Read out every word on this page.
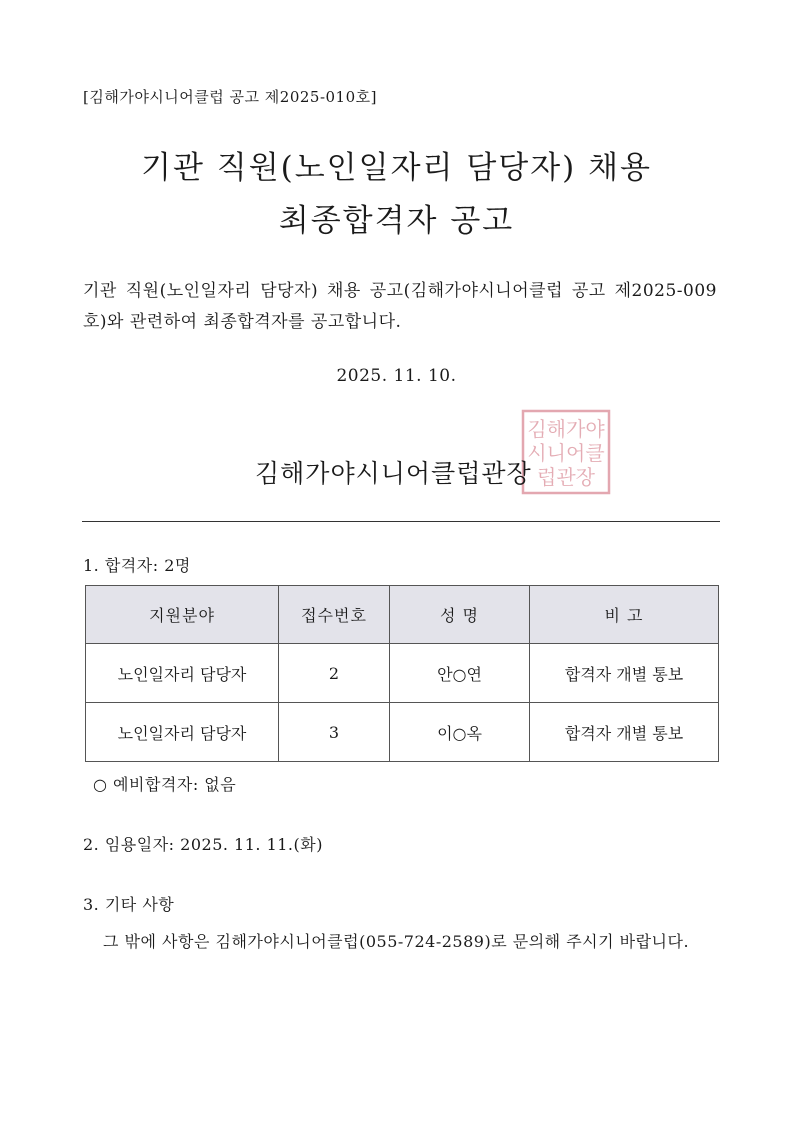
[김해가야시니어클럽 공고 제2025-010호]
기관 직원(노인일자리 담당자) 채용
최종합격자 공고
기관 직원(노인일자리 담당자) 채용 공고(김해가야시니어클럽 공고 제2025-009호)와 관련하여 최종합격자를 공고합니다.
2025. 11. 10.
김해가야
시니어클
럽관장
김해가야시니어클럽관장
1. 합격자: 2명
지원분야	접수번호	성 명	비 고
노인일자리 담당자	2	안○연	합격자 개별 통보
노인일자리 담당자	3	이○옥	합격자 개별 통보
○ 예비합격자: 없음
2. 임용일자: 2025. 11. 11.(화)
3. 기타 사항
그 밖에 사항은 김해가야시니어클럽(055-724-2589)로 문의해 주시기 바랍니다.
